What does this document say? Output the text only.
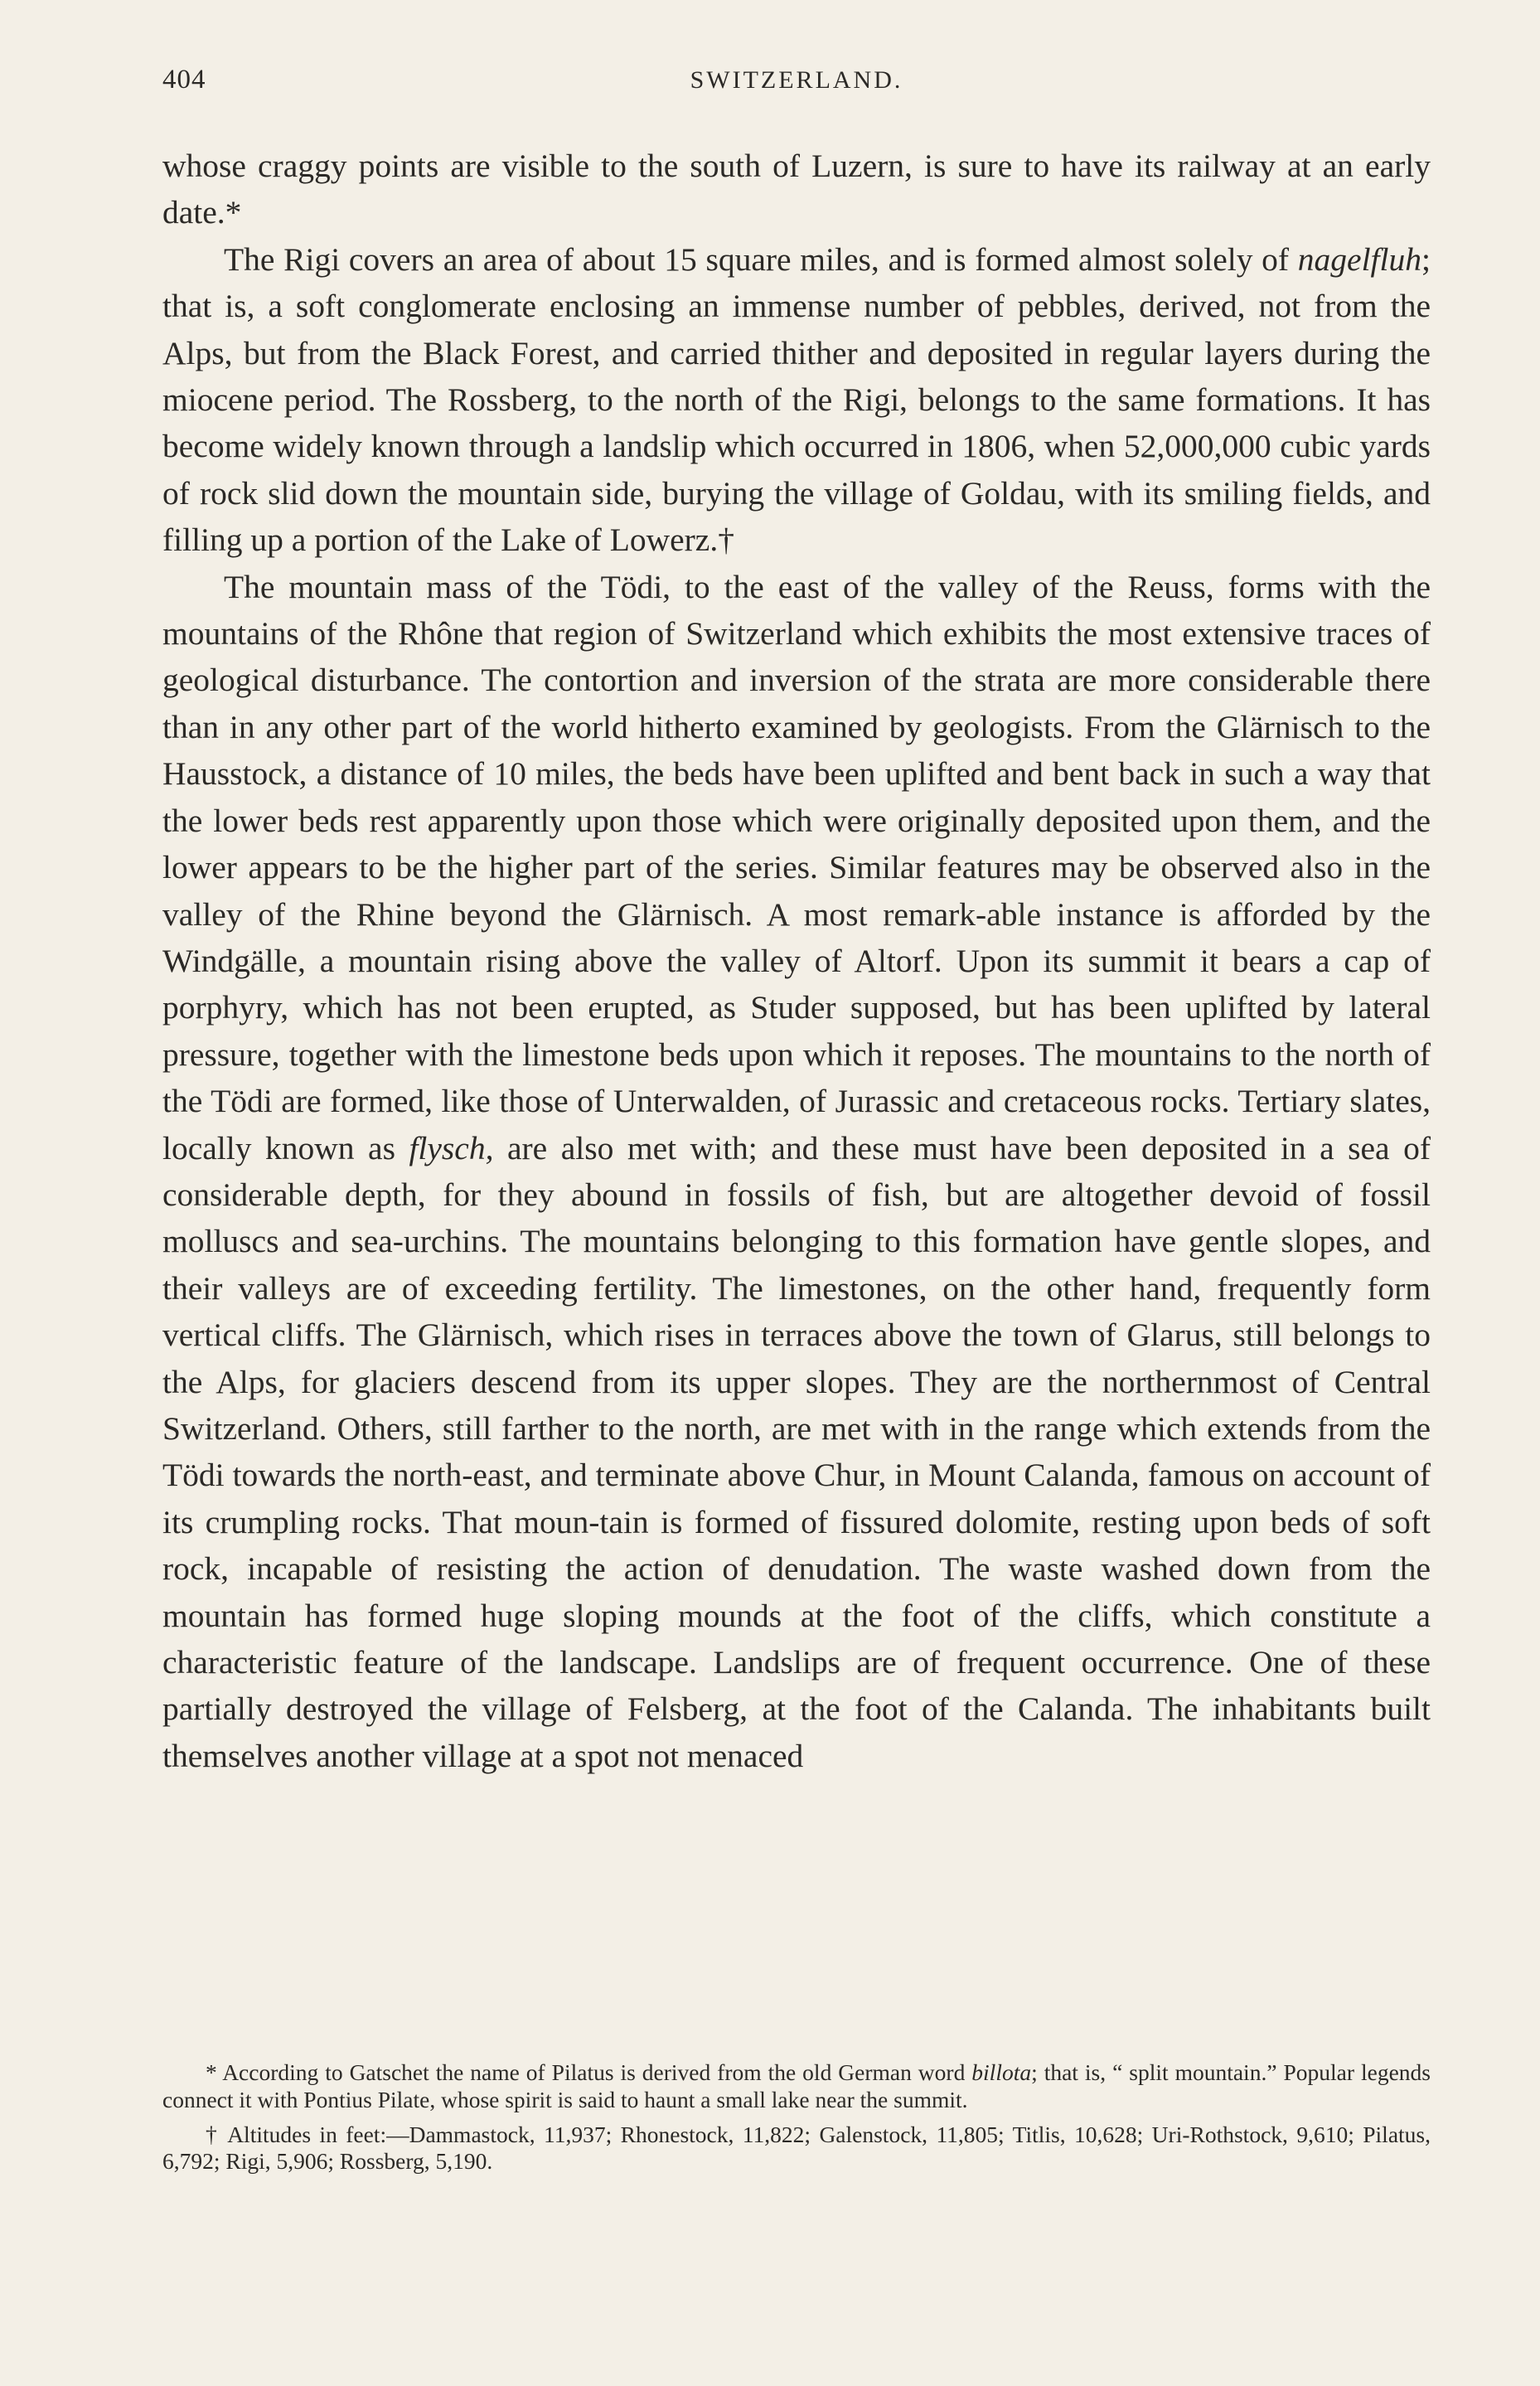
404	SWITZERLAND.

whose craggy points are visible to the south of Luzern, is sure to have its railway at an early date.*

The Rigi covers an area of about 15 square miles, and is formed almost solely of nagelfluh; that is, a soft conglomerate enclosing an immense number of pebbles, derived, not from the Alps, but from the Black Forest, and carried thither and deposited in regular layers during the miocene period. The Rossberg, to the north of the Rigi, belongs to the same formations. It has become widely known through a landslip which occurred in 1806, when 52,000,000 cubic yards of rock slid down the mountain side, burying the village of Goldau, with its smiling fields, and filling up a portion of the Lake of Lowerz.†

The mountain mass of the Tödi, to the east of the valley of the Reuss, forms with the mountains of the Rhône that region of Switzerland which exhibits the most extensive traces of geological disturbance. The contortion and inversion of the strata are more considerable there than in any other part of the world hitherto examined by geologists. From the Glärnisch to the Hausstock, a distance of 10 miles, the beds have been uplifted and bent back in such a way that the lower beds rest apparently upon those which were originally deposited upon them, and the lower appears to be the higher part of the series. Similar features may be observed also in the valley of the Rhine beyond the Glärnisch. A most remark-able instance is afforded by the Windgälle, a mountain rising above the valley of Altorf. Upon its summit it bears a cap of porphyry, which has not been erupted, as Studer supposed, but has been uplifted by lateral pressure, together with the limestone beds upon which it reposes. The mountains to the north of the Tödi are formed, like those of Unterwalden, of Jurassic and cretaceous rocks. Tertiary slates, locally known as flysch, are also met with; and these must have been deposited in a sea of considerable depth, for they abound in fossils of fish, but are altogether devoid of fossil molluscs and sea-urchins. The mountains belonging to this formation have gentle slopes, and their valleys are of exceeding fertility. The limestones, on the other hand, frequently form vertical cliffs. The Glärnisch, which rises in terraces above the town of Glarus, still belongs to the Alps, for glaciers descend from its upper slopes. They are the northernmost of Central Switzerland. Others, still farther to the north, are met with in the range which extends from the Tödi towards the north-east, and terminate above Chur, in Mount Calanda, famous on account of its crumpling rocks. That moun-tain is formed of fissured dolomite, resting upon beds of soft rock, incapable of resisting the action of denudation. The waste washed down from the mountain has formed huge sloping mounds at the foot of the cliffs, which constitute a characteristic feature of the landscape. Landslips are of frequent occurrence. One of these partially destroyed the village of Felsberg, at the foot of the Calanda. The inhabitants built themselves another village at a spot not menaced

* According to Gatschet the name of Pilatus is derived from the old German word billota; that is, “ split mountain.” Popular legends connect it with Pontius Pilate, whose spirit is said to haunt a small lake near the summit.

† Altitudes in feet:—Dammastock, 11,937; Rhonestock, 11,822; Galenstock, 11,805; Titlis, 10,628; Uri-Rothstock, 9,610; Pilatus, 6,792; Rigi, 5,906; Rossberg, 5,190.
